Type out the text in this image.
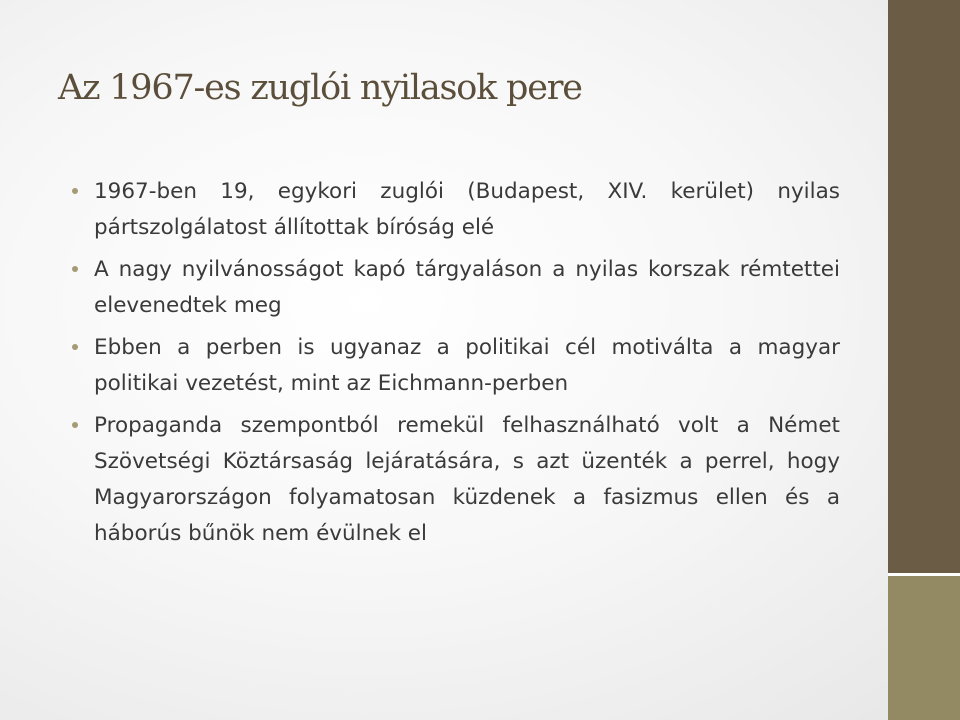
Az 1967-es zuglói nyilasok pere
1967-ben 19, egykori zuglói (Budapest, XIV. kerület) nyilas pártszolgálatost állítottak bíróság elé
A nagy nyilvánosságot kapó tárgyaláson a nyilas korszak rémtettei elevenedtek meg
Ebben a perben is ugyanaz a politikai cél motiválta a magyar politikai vezetést, mint az Eichmann-perben
Propaganda szempontból remekül felhasználható volt a Német Szövetségi Köztársaság lejáratására, s azt üzenték a perrel, hogy Magyarországon folyamatosan küzdenek a fasizmus ellen és a háborús bűnök nem évülnek el
